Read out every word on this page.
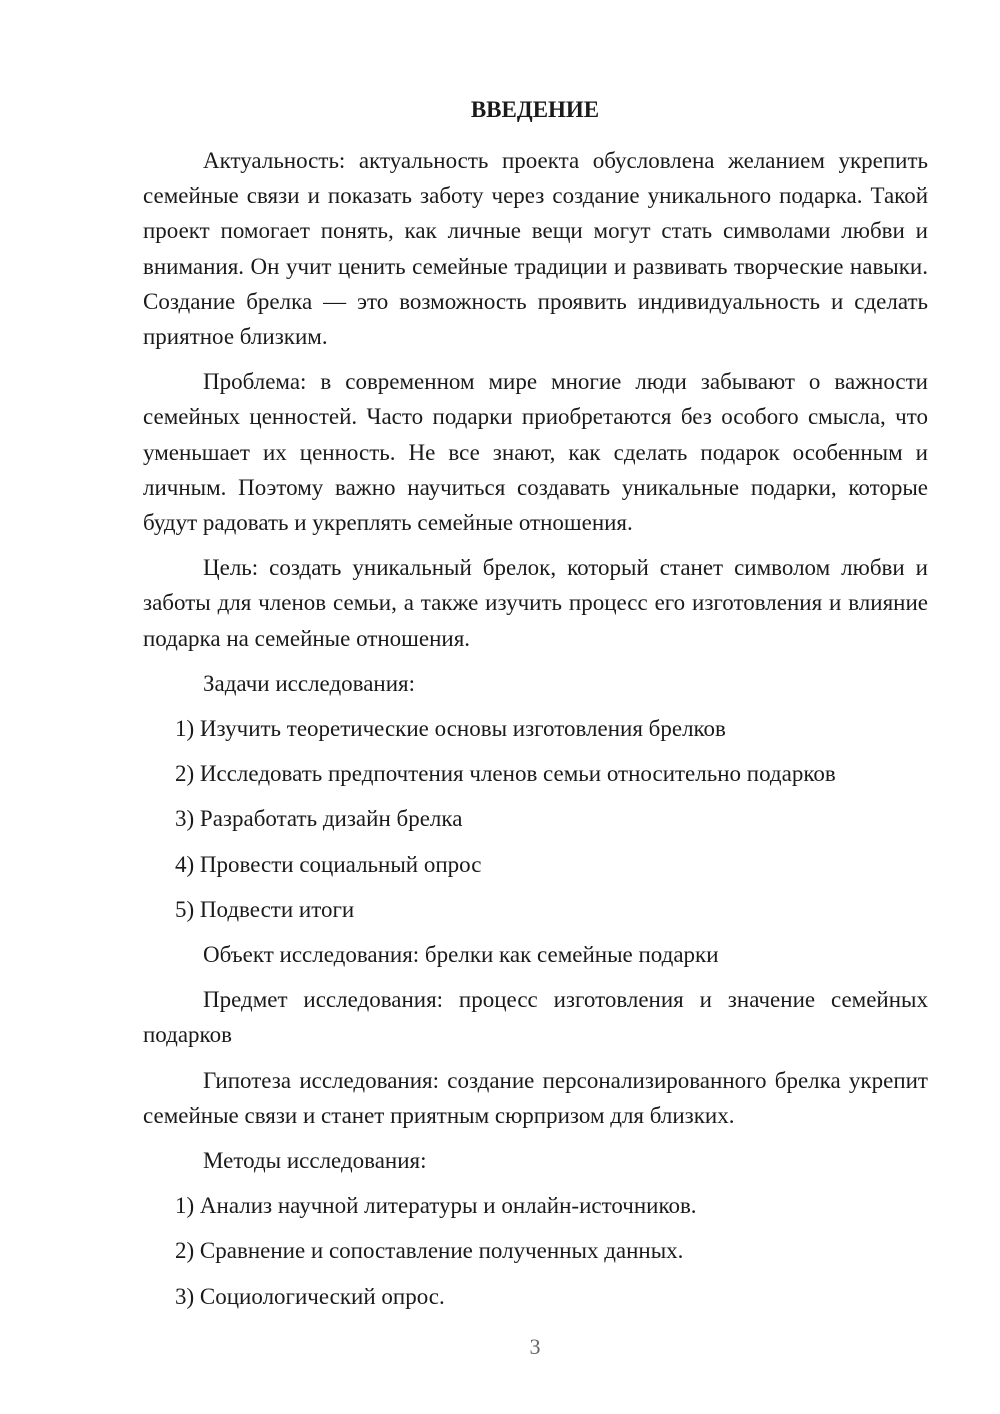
ВВЕДЕНИЕ

Актуальность: актуальность проекта обусловлена желанием укрепить семейные связи и показать заботу через создание уникального подарка. Такой проект помогает понять, как личные вещи могут стать символами любви и внимания. Он учит ценить семейные традиции и развивать творческие навыки. Создание брелка — это возможность проявить индивидуальность и сделать приятное близким.

Проблема: в современном мире многие люди забывают о важности семейных ценностей. Часто подарки приобретаются без особого смысла, что уменьшает их ценность. Не все знают, как сделать подарок особенным и личным. Поэтому важно научиться создавать уникальные подарки, которые будут радовать и укреплять семейные отношения.

Цель: создать уникальный брелок, который станет символом любви и заботы для членов семьи, а также изучить процесс его изготовления и влияние подарка на семейные отношения.

Задачи исследования:

1) Изучить теоретические основы изготовления брелков

2) Исследовать предпочтения членов семьи относительно подарков

3) Разработать дизайн брелка

4) Провести социальный опрос

5) Подвести итоги

Объект исследования: брелки как семейные подарки

Предмет исследования: процесс изготовления и значение семейных подарков

Гипотеза исследования: создание персонализированного брелка укрепит семейные связи и станет приятным сюрпризом для близких.

Методы исследования:

1) Анализ научной литературы и онлайн-источников.

2) Сравнение и сопоставление полученных данных.

3) Социологический опрос.

3
